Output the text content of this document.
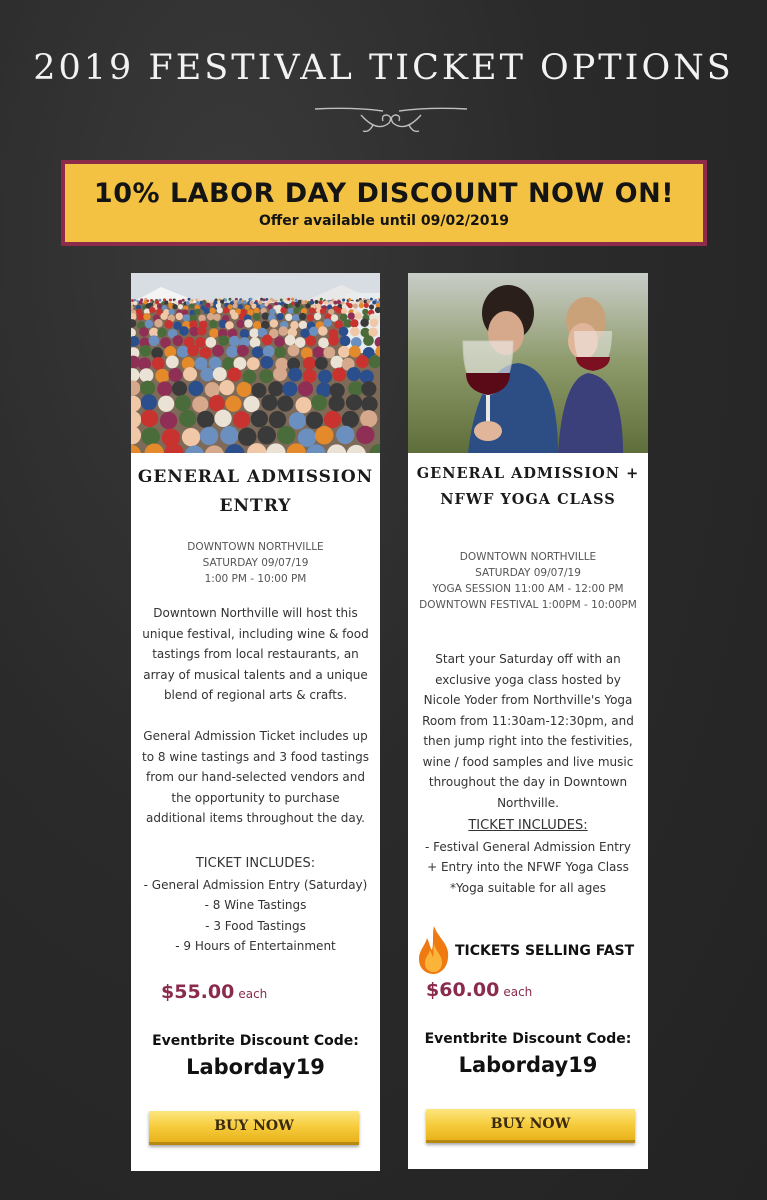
2019 FESTIVAL TICKET OPTIONS
10% LABOR DAY DISCOUNT NOW ON!
Offer available until 09/02/2019
GENERAL ADMISSION
ENTRY
DOWNTOWN NORTHVILLE
SATURDAY 09/07/19
1:00 PM - 10:00 PM
Downtown Northville will host this unique festival, including wine & food tastings from local restaurants, an array of musical talents and a unique blend of regional arts & crafts.
General Admission Ticket includes up to 8 wine tastings and 3 food tastings from our hand-selected vendors and the opportunity to purchase additional items throughout the day.
TICKET INCLUDES:
- General Admission Entry (Saturday)
- 8 Wine Tastings
- 3 Food Tastings
- 9 Hours of Entertainment
$55.00 each
Eventbrite Discount Code:
Laborday19
BUY NOW
GENERAL ADMISSION +
NFWF YOGA CLASS
DOWNTOWN NORTHVILLE
SATURDAY 09/07/19
YOGA SESSION 11:00 AM - 12:00 PM
DOWNTOWN FESTIVAL 1:00PM - 10:00PM
Start your Saturday off with an exclusive yoga class hosted by Nicole Yoder from Northville's Yoga Room from 11:30am-12:30pm, and then jump right into the festivities, wine / food samples and live music throughout the day in Downtown Northville.
TICKET INCLUDES:
- Festival General Admission Entry
+ Entry into the NFWF Yoga Class
*Yoga suitable for all ages
TICKETS SELLING FAST
$60.00 each
Eventbrite Discount Code:
Laborday19
BUY NOW
